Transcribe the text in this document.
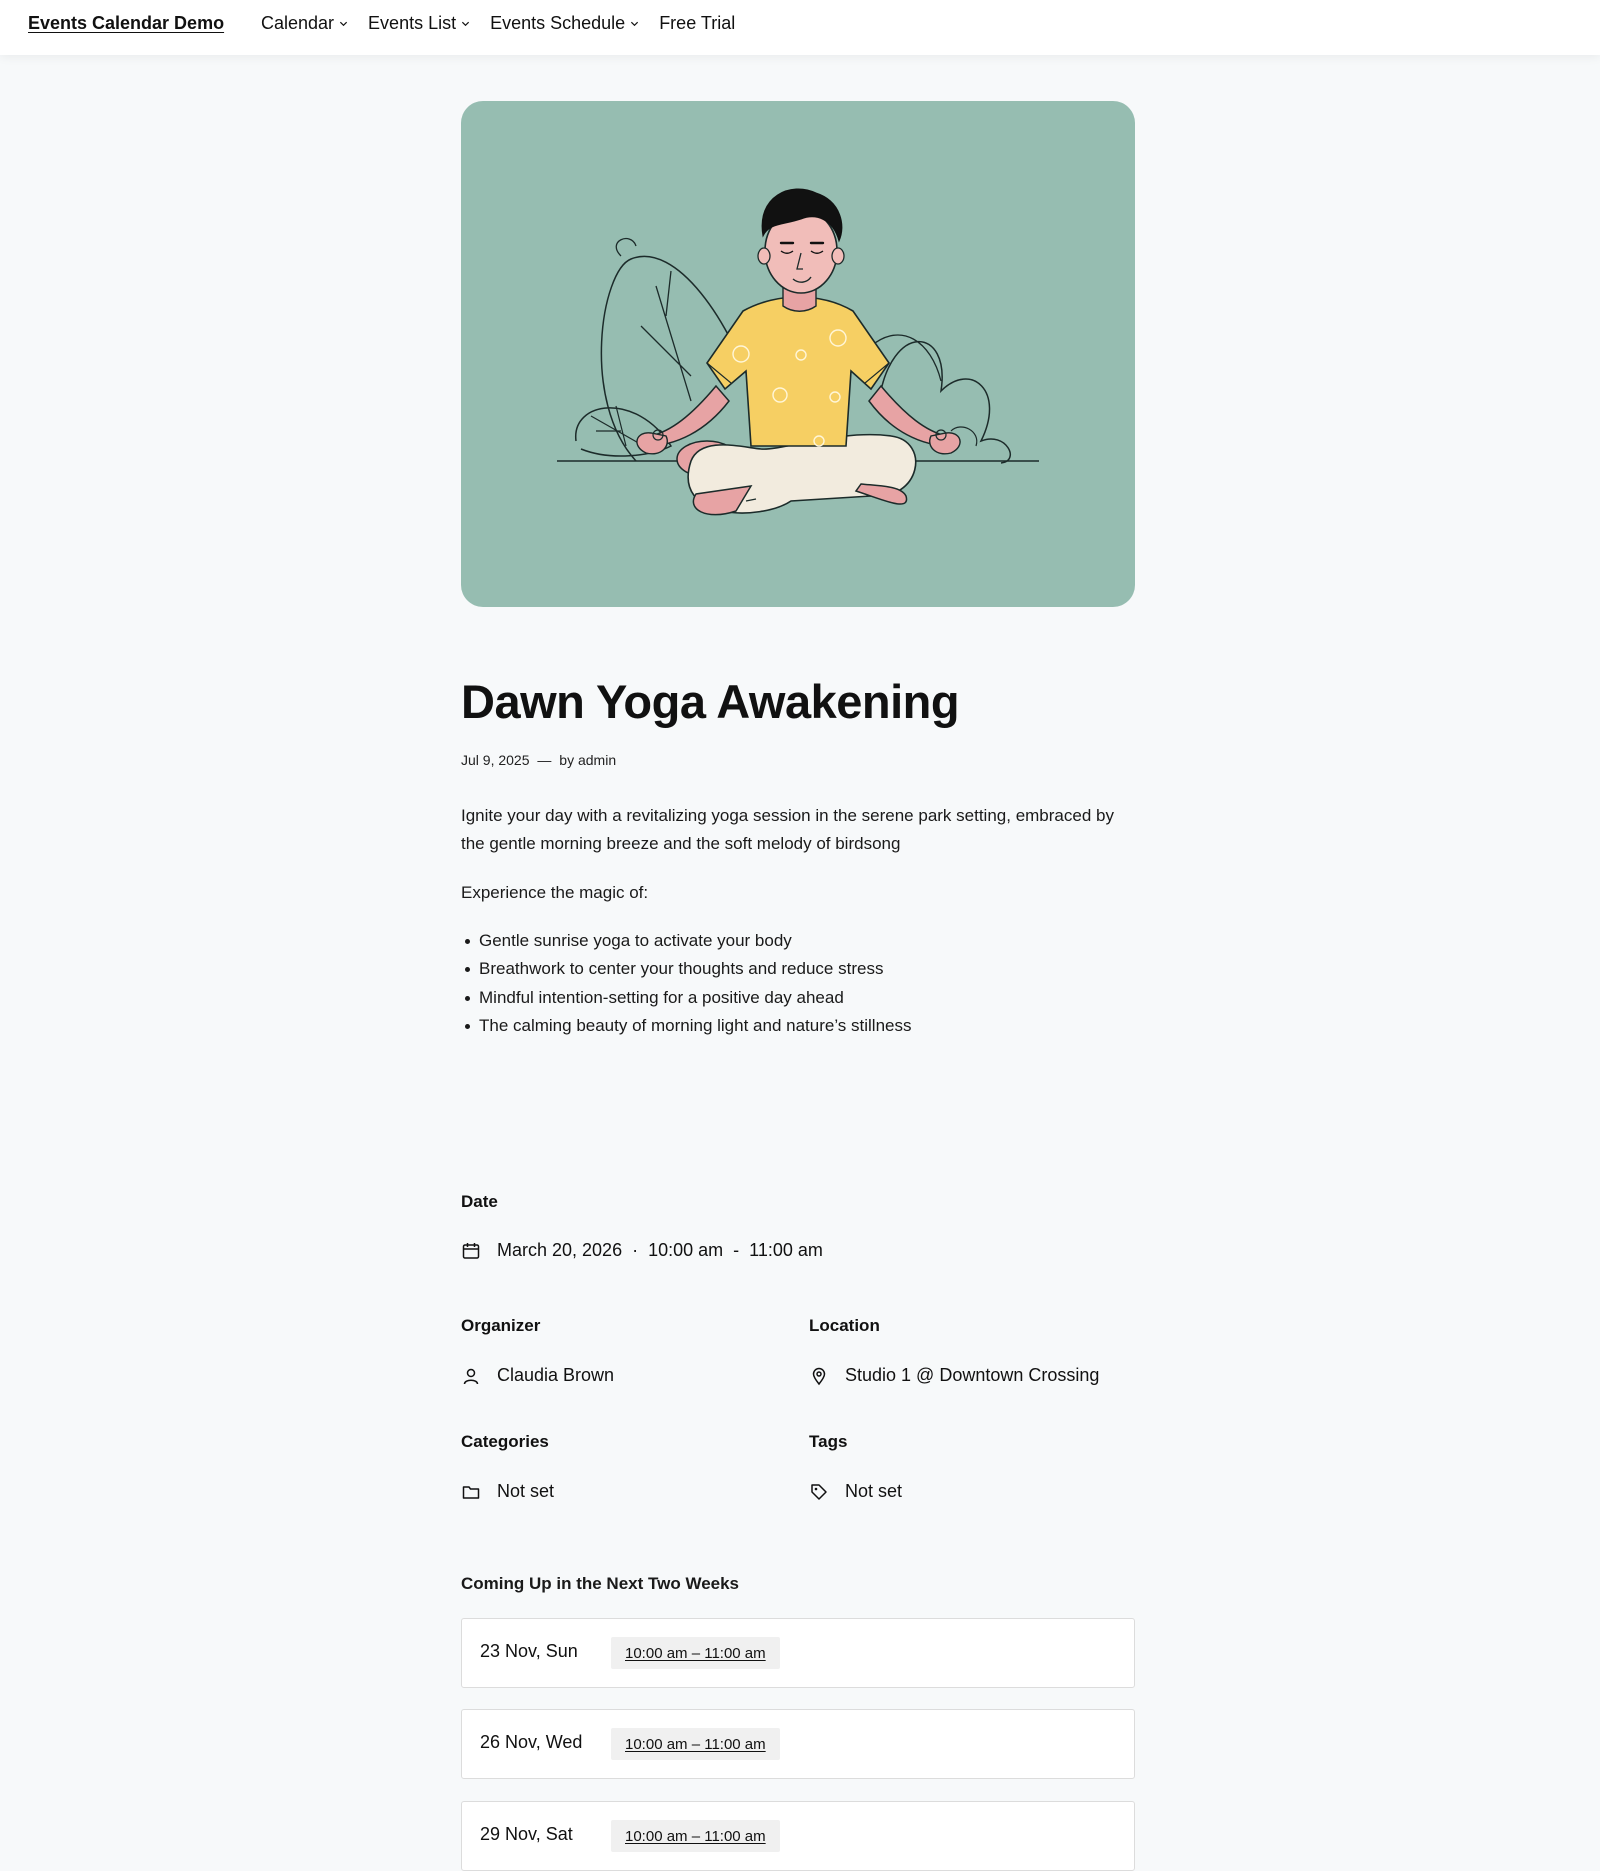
Events Calendar Demo Calendar Events List Events Schedule Free Trial
Dawn Yoga Awakening
Jul 9, 2025 — by admin

Ignite your day with a revitalizing yoga session in the serene park setting, embraced by the gentle morning breeze and the soft melody of birdsong

Experience the magic of:

Gentle sunrise yoga to activate your body
Breathwork to center your thoughts and reduce stress
Mindful intention-setting for a positive day ahead
The calming beauty of morning light and nature’s stillness
Date
March 20, 2026 · 10:00 am - 11:00 am
Organizer
Claudia Brown
Location
Studio 1 @ Downtown Crossing
Categories
Not set
Tags
Not set
Coming Up in the Next Two Weeks
23 Nov, Sun	10:00 am – 11:00 am
26 Nov, Wed	10:00 am – 11:00 am
29 Nov, Sat	10:00 am – 11:00 am
